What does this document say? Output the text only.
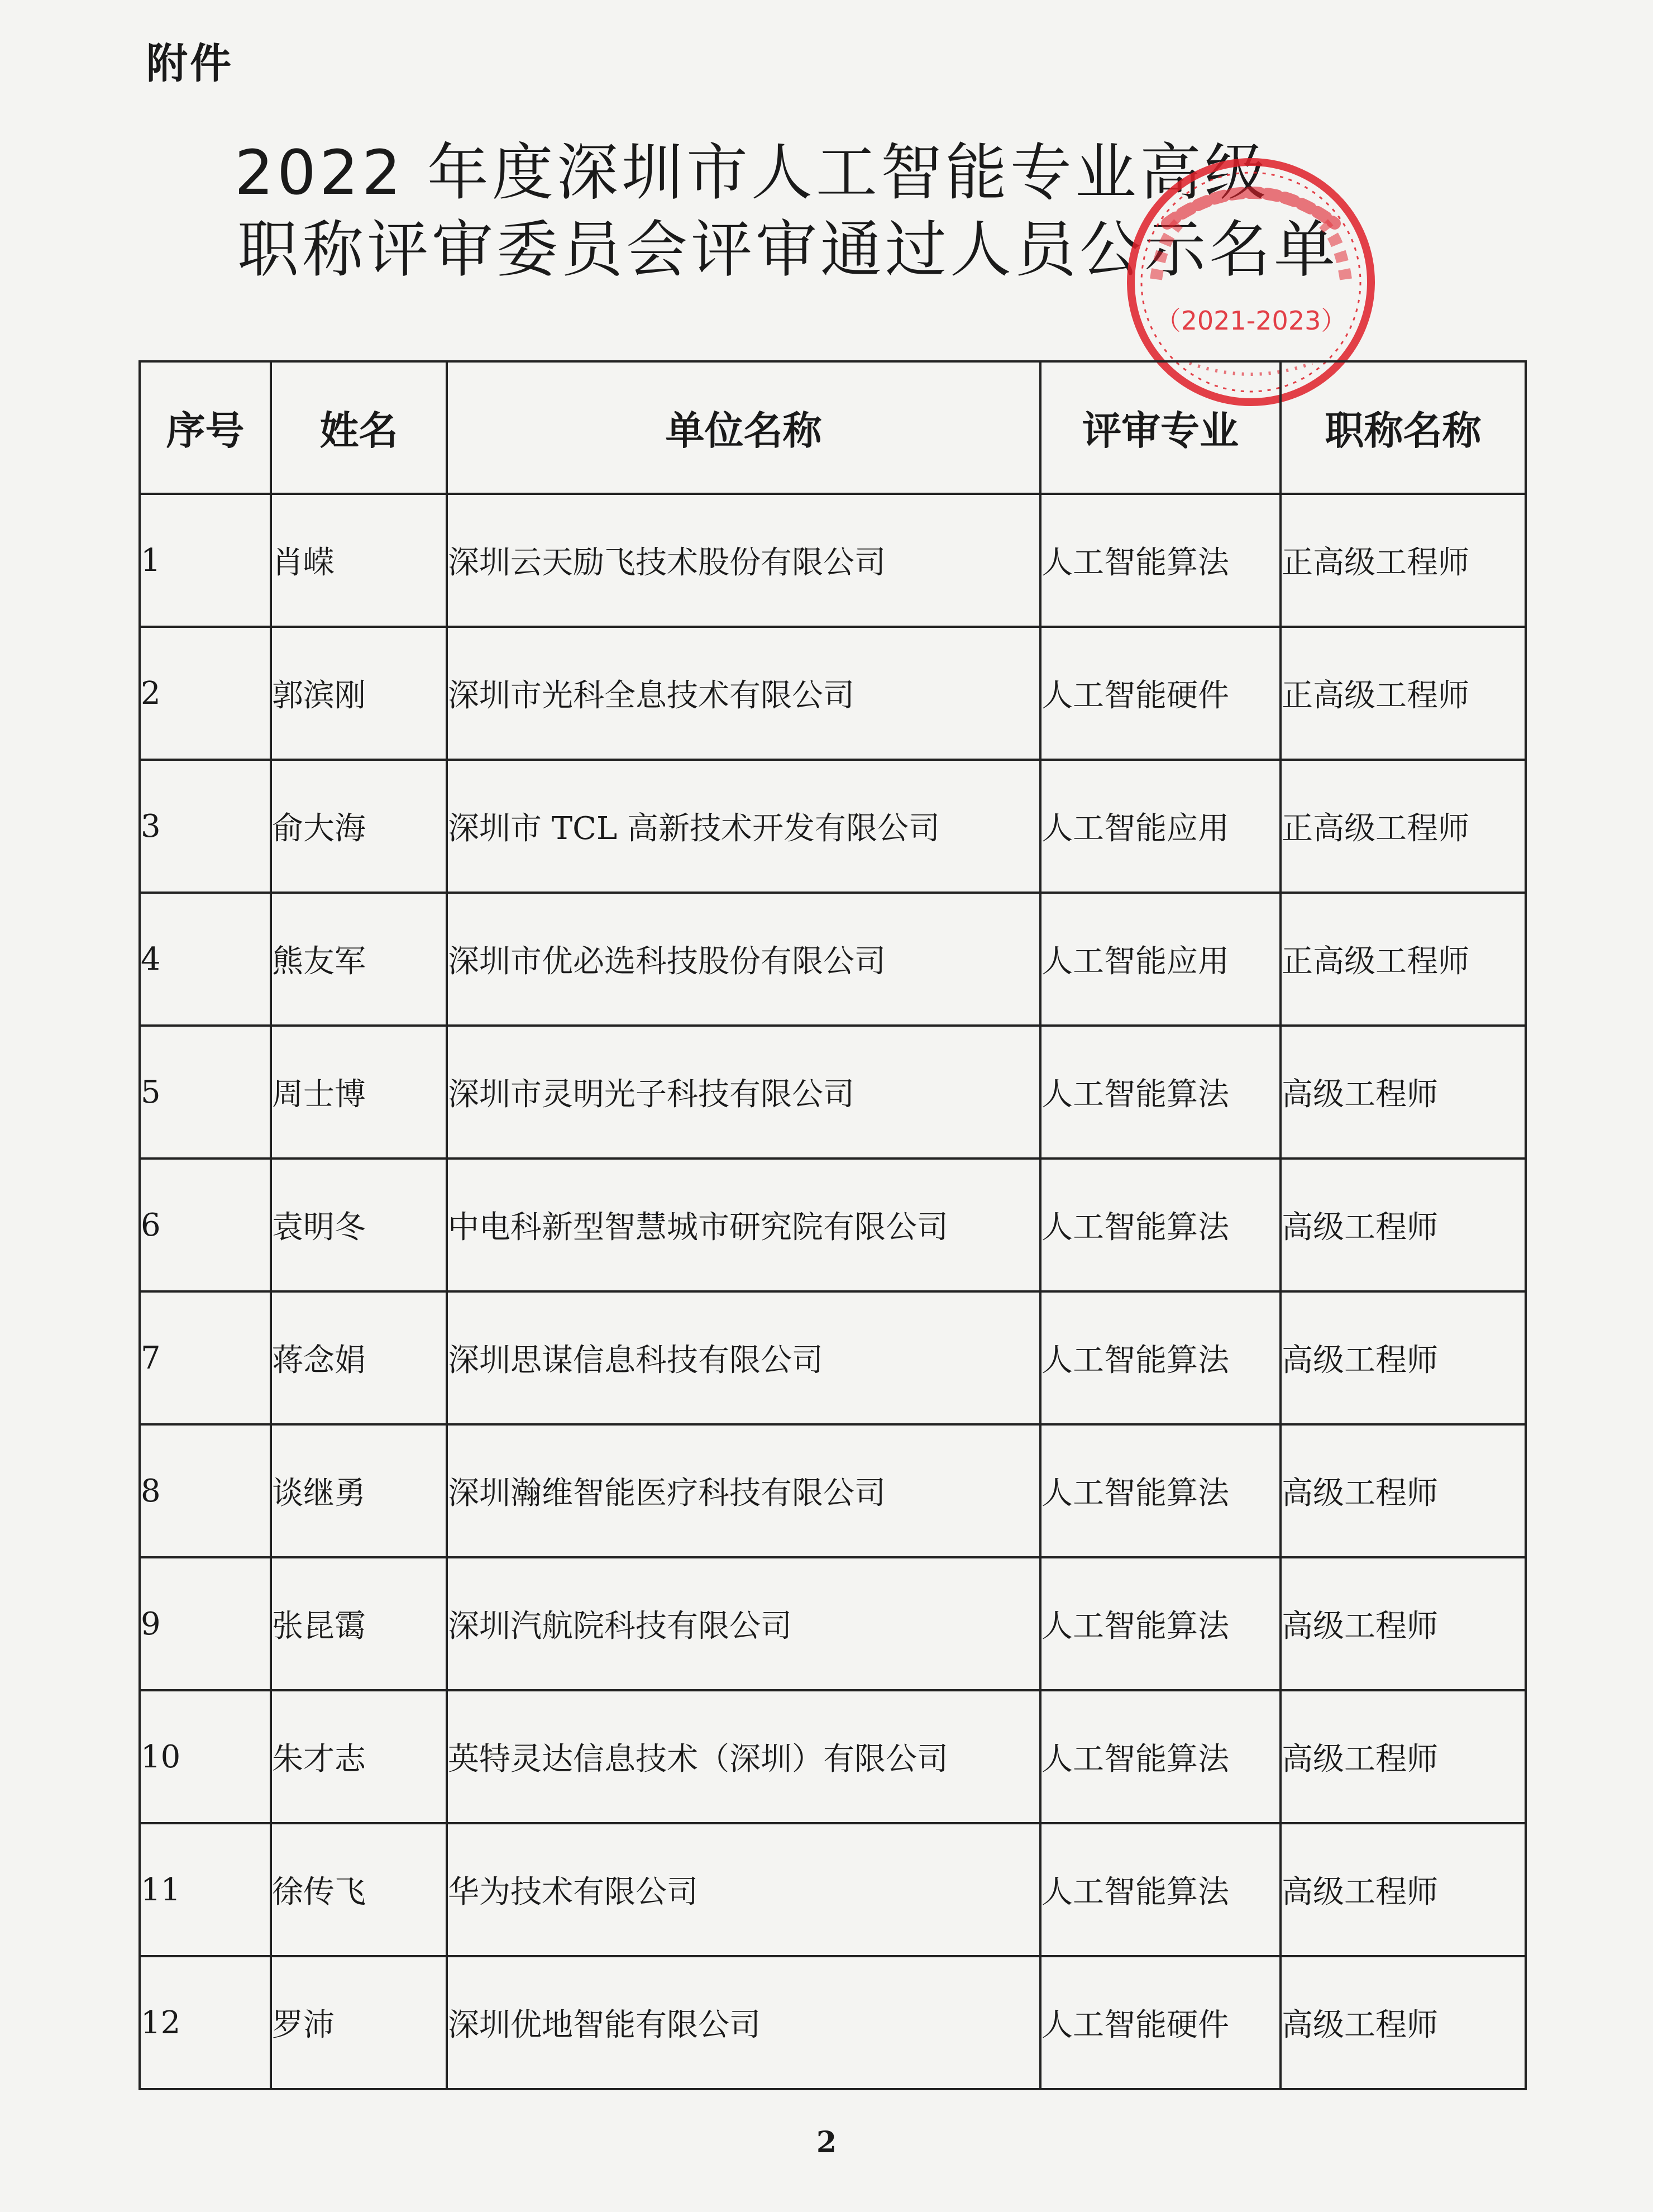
附件
2022 年度深圳市人工智能专业高级
职称评审委员会评审通过人员公示名单
（2021-2023）
序号	姓名	单位名称	评审专业	职称名称
1	肖嵘	深圳云天励飞技术股份有限公司	人工智能算法	正高级工程师
2	郭滨刚	深圳市光科全息技术有限公司	人工智能硬件	正高级工程师
3	俞大海	深圳市 TCL 高新技术开发有限公司	人工智能应用	正高级工程师
4	熊友军	深圳市优必选科技股份有限公司	人工智能应用	正高级工程师
5	周士博	深圳市灵明光子科技有限公司	人工智能算法	高级工程师
6	袁明冬	中电科新型智慧城市研究院有限公司	人工智能算法	高级工程师
7	蒋念娟	深圳思谋信息科技有限公司	人工智能算法	高级工程师
8	谈继勇	深圳瀚维智能医疗科技有限公司	人工智能算法	高级工程师
9	张昆霭	深圳汽航院科技有限公司	人工智能算法	高级工程师
10	朱才志	英特灵达信息技术（深圳）有限公司	人工智能算法	高级工程师
11	徐传飞	华为技术有限公司	人工智能算法	高级工程师
12	罗沛	深圳优地智能有限公司	人工智能硬件	高级工程师
2
